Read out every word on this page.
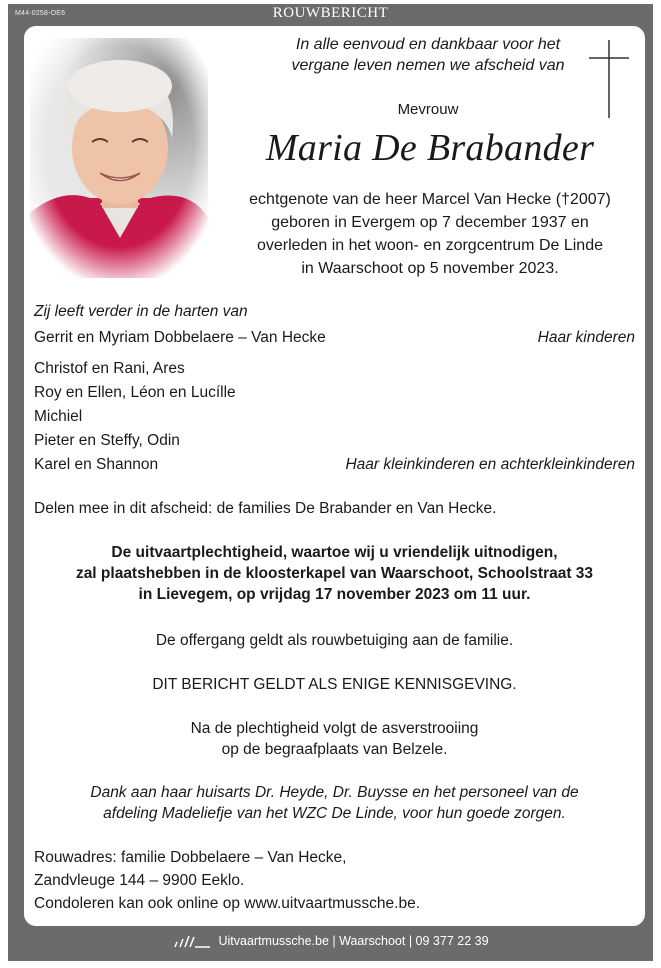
M44-0258-OE6	ROUWBERICHT
In alle eenvoud en dankbaar voor het
vergane leven nemen we afscheid van
Mevrouw
Maria De Brabander
echtgenote van de heer Marcel Van Hecke (†2007)
geboren in Evergem op 7 december 1937 en
overleden in het woon- en zorgcentrum De Linde
in Waarschoot op 5 november 2023.
Zij leeft verder in de harten van
Gerrit en Myriam Dobbelaere – Van Hecke	Haar kinderen
Christof en Rani, Ares
Roy en Ellen, Léon en Lucílle
Michiel
Pieter en Steffy, Odin
Karel en Shannon	Haar kleinkinderen en achterkleinkinderen
Delen mee in dit afscheid: de families De Brabander en Van Hecke.
De uitvaartplechtigheid, waartoe wij u vriendelijk uitnodigen,
zal plaatshebben in de kloosterkapel van Waarschoot, Schoolstraat 33
in Lievegem, op vrijdag 17 november 2023 om 11 uur.
De offergang geldt als rouwbetuiging aan de familie.
DIT BERICHT GELDT ALS ENIGE KENNISGEVING.
Na de plechtigheid volgt de asverstrooiing
op de begraafplaats van Belzele.
Dank aan haar huisarts Dr. Heyde, Dr. Buysse en het personeel van de
afdeling Madeliefje van het WZC De Linde, voor hun goede zorgen.
Rouwadres: familie Dobbelaere – Van Hecke,
Zandvleuge 144 – 9900 Eeklo.
Condoleren kan ook online op www.uitvaartmussche.be.
Uitvaartmussche.be | Waarschoot | 09 377 22 39
